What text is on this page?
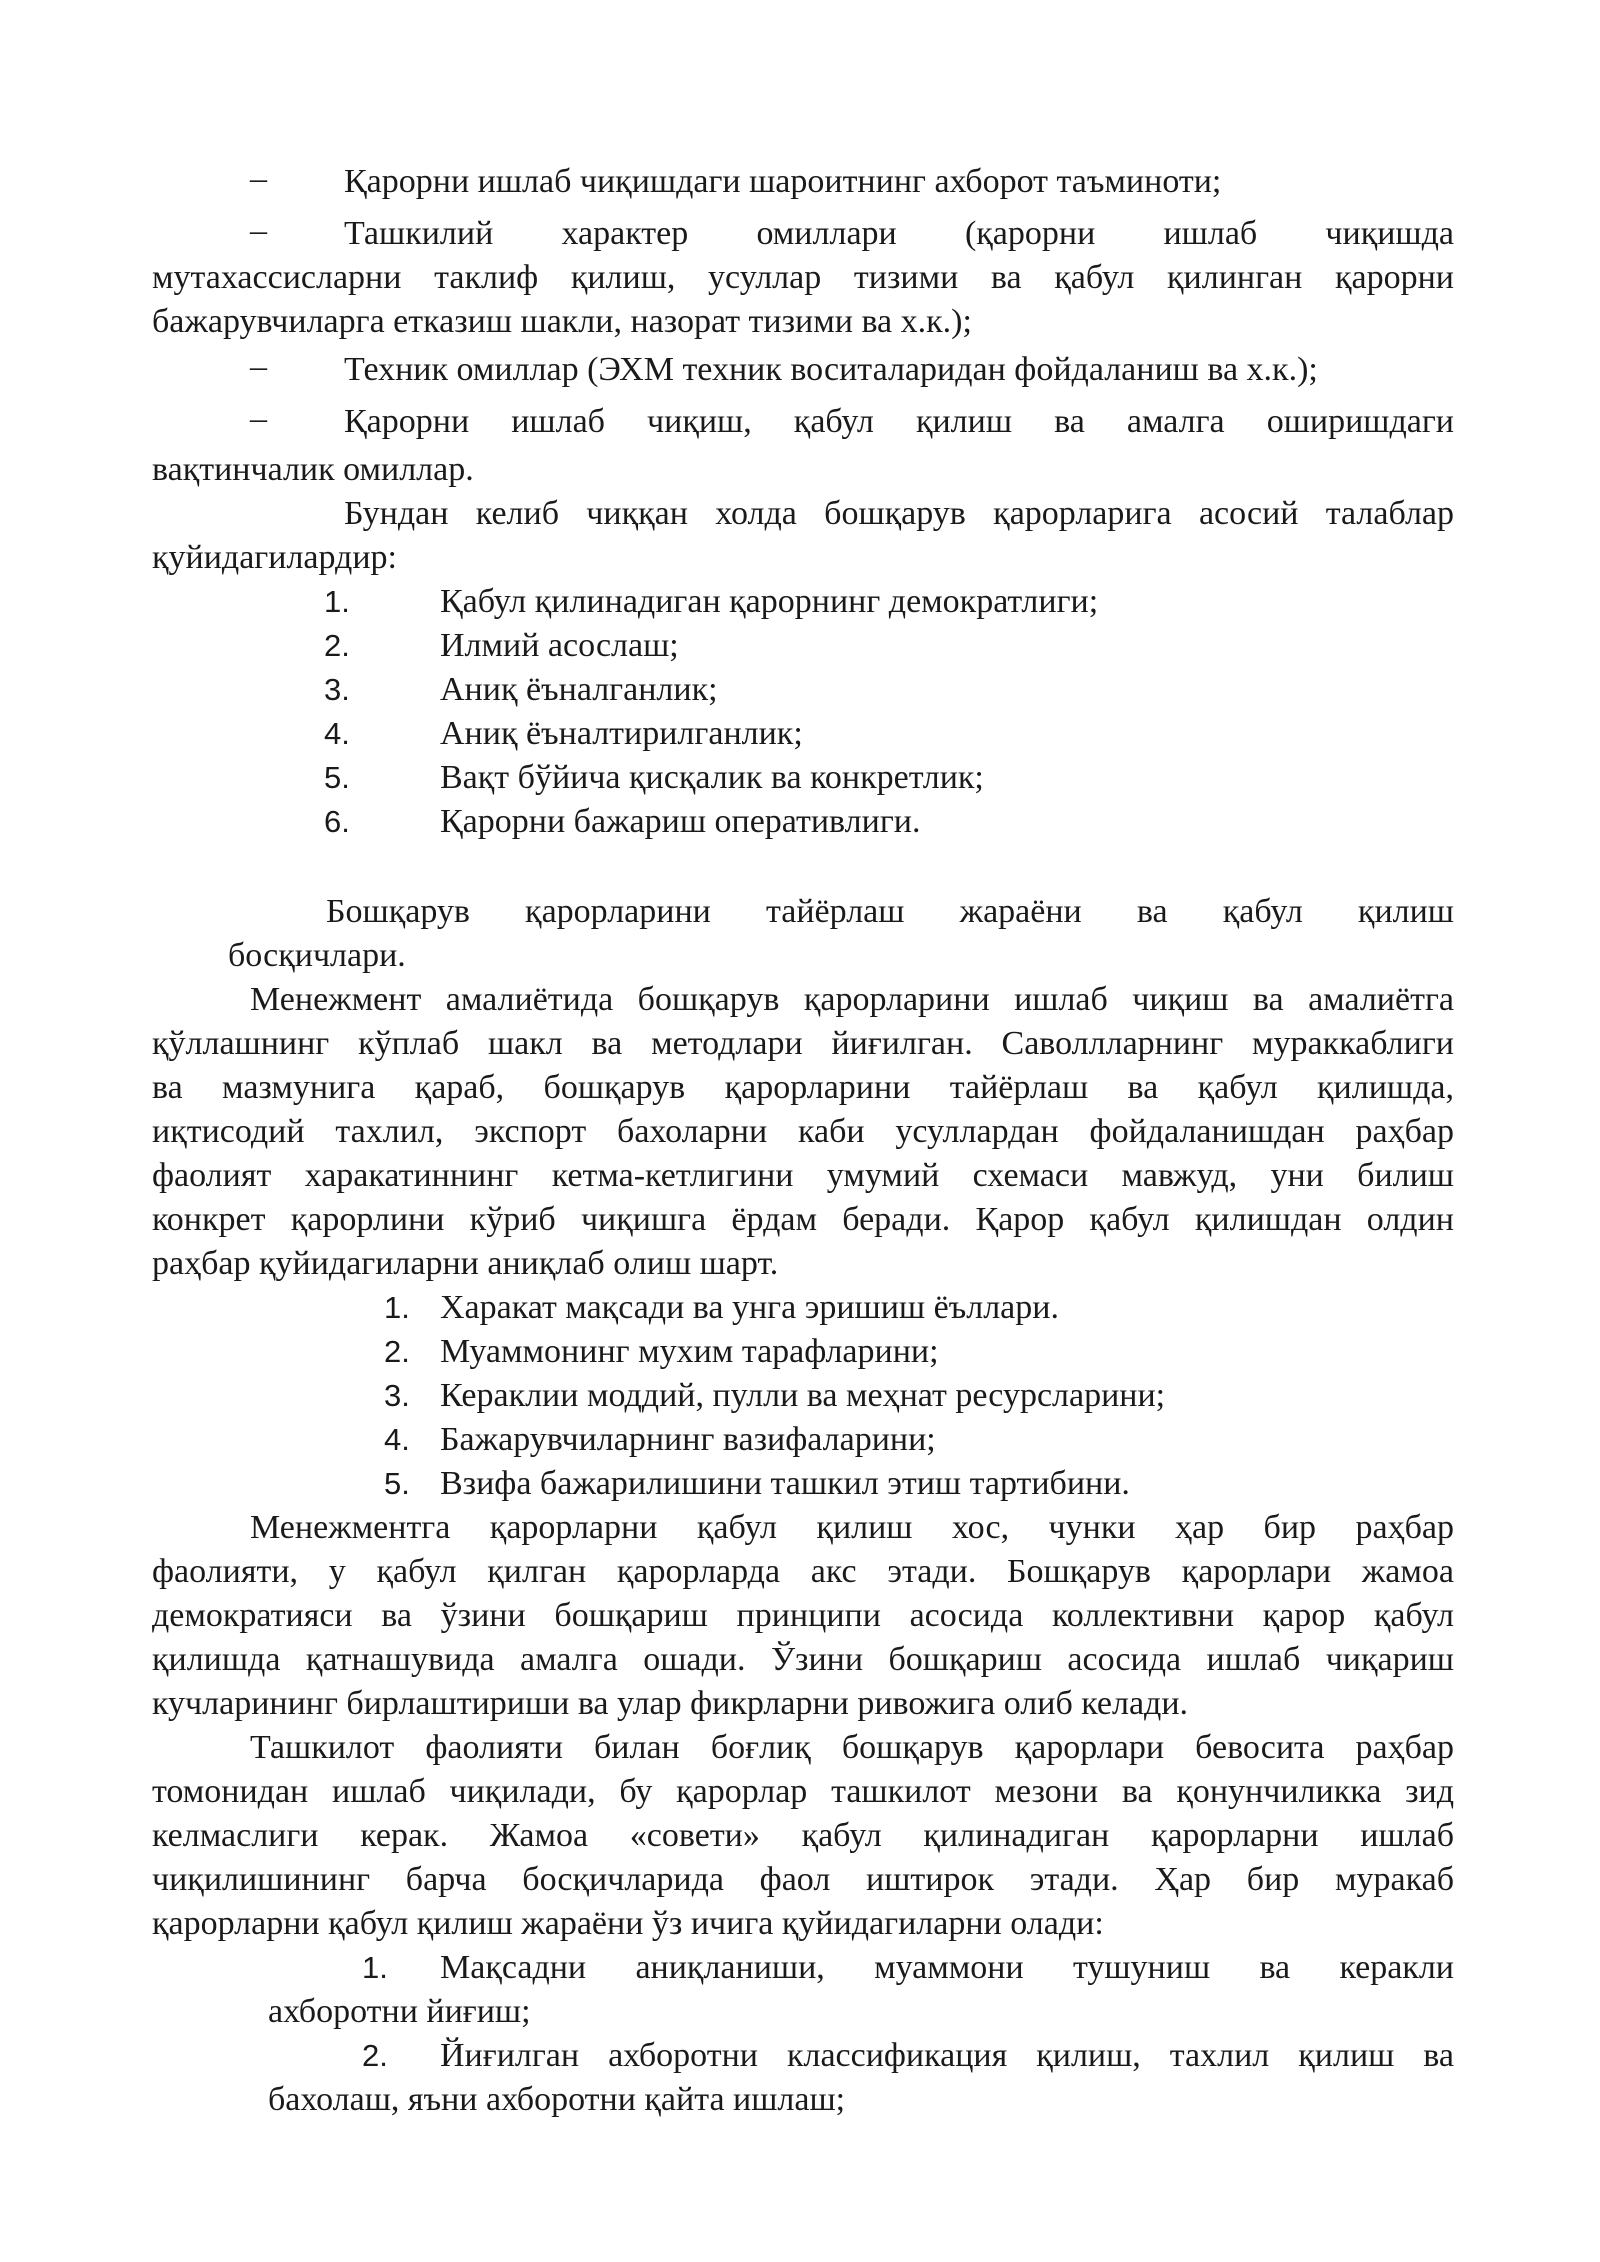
– Қарорни ишлаб чиқишдаги шароитнинг ахборот таъминоти;
– Ташкилий характер омиллари (қарорни ишлаб чиқишда
мутахассисларни таклиф қилиш, усуллар тизими ва қабул қилинган қарорни
бажарувчиларга етказиш шакли, назорат тизими ва х.к.);
– Техник омиллар (ЭХМ техник воситаларидан фойдаланиш ва х.к.);
– Қарорни ишлаб чиқиш, қабул қилиш ва амалга оширишдаги
вақтинчалик омиллар.
Бундан келиб чиққан холда бошқарув қарорларига асосий талаблар
қуйидагилардир:
1.	Қабул қилинадиган қарорнинг демократлиги;
2.	Илмий асослаш;
3.	Аниқ ёъналганлик;
4.	Аниқ ёъналтирилганлик;
5.	Вақт бўйича қисқалик ва конкретлик;
6.	Қарорни бажариш оперативлиги.
Бошқарув қарорларини тайёрлаш жараёни ва қабул қилиш
босқичлари.
Менежмент амалиётида бошқарув қарорларини ишлаб чиқиш ва амалиётга
қўллашнинг кўплаб шакл ва методлари йиғилган. Саволлларнинг мураккаблиги
ва мазмунига қараб, бошқарув қарорларини тайёрлаш ва қабул қилишда,
иқтисодий тахлил, экспорт бахоларни каби усуллардан фойдаланишдан раҳбар
фаолият харакатиннинг кетма-кетлигини умумий схемаси мавжуд, уни билиш
конкрет қарорлини кўриб чиқишга ёрдам беради. Қарор қабул қилишдан олдин
раҳбар қуйидагиларни аниқлаб олиш шарт.
1. Харакат мақсади ва унга эришиш ёъллари.
2. Муаммонинг мухим тарафларини;
3. Кераклии моддий, пулли ва меҳнат ресурсларини;
4. Бажарувчиларнинг вазифаларини;
5. Взифа бажарилишини ташкил этиш тартибини.
Менежментга қарорларни қабул қилиш хос, чунки ҳар бир раҳбар
фаолияти, у қабул қилган қарорларда акс этади. Бошқарув қарорлари жамоа
демократияси ва ўзини бошқариш принципи асосида коллективни қарор қабул
қилишда қатнашувида амалга ошади. Ўзини бошқариш асосида ишлаб чиқариш
кучларининг бирлаштириши ва улар фикрларни ривожига олиб келади.
Ташкилот фаолияти билан боғлиқ бошқарув қарорлари бевосита раҳбар
томонидан ишлаб чиқилади, бу қарорлар ташкилот мезони ва қонунчиликка зид
келмаслиги керак. Жамоа «совети» қабул қилинадиган қарорларни ишлаб
чиқилишининг барча босқичларида фаол иштирок этади. Ҳар бир муракаб
қарорларни қабул қилиш жараёни ўз ичига қуйидагиларни олади:
1. Мақсадни аниқланиши, муаммони тушуниш ва керакли
ахборотни йиғиш;
2. Йиғилган ахборотни классификация қилиш, тахлил қилиш ва
бахолаш, яъни ахборотни қайта ишлаш;
